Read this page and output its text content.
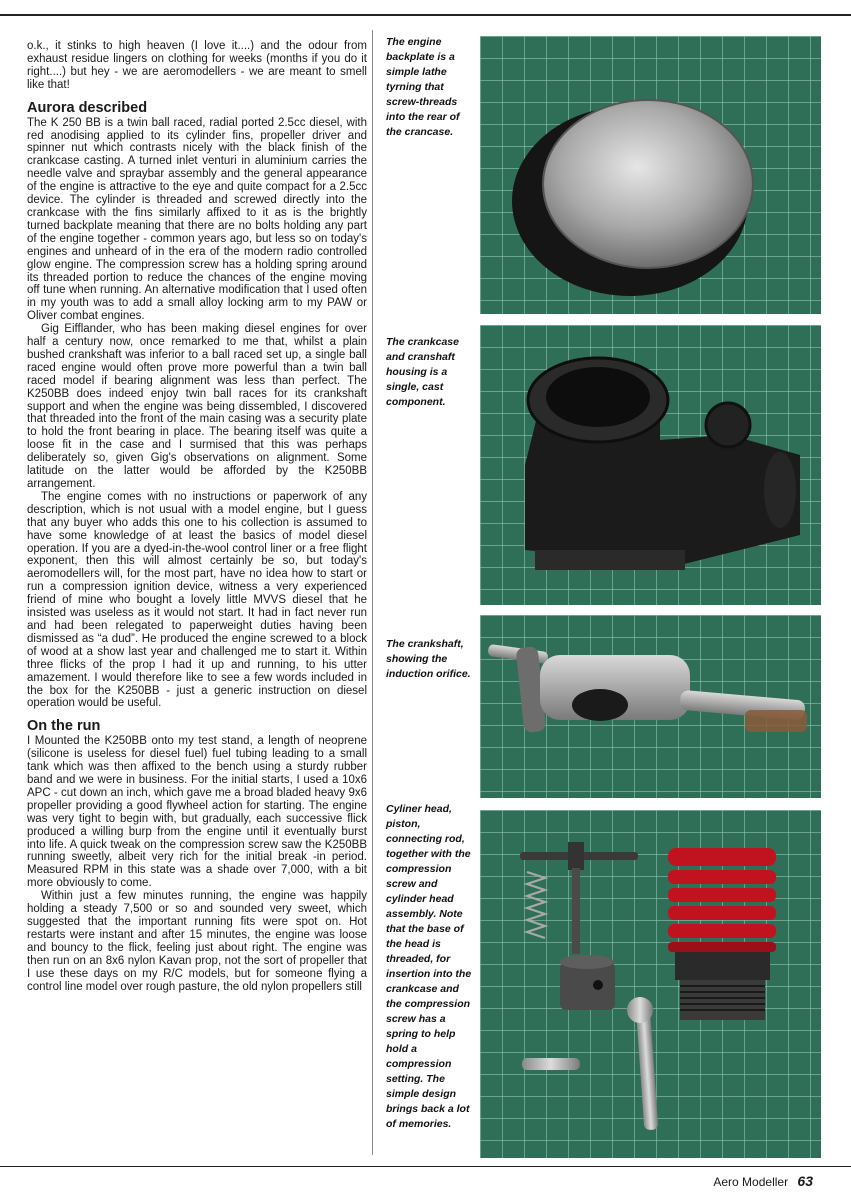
o.k., it stinks to high heaven (I love it....) and the odour from exhaust residue lingers on clothing for weeks (months if you do it right....) but hey - we are aeromodellers - we are meant to smell like that!

Aurora described

The K 250 BB is a twin ball raced, radial ported 2.5cc diesel, with red anodising applied to its cylinder fins, propeller driver and spinner nut which contrasts nicely with the black finish of the crankcase casting. A turned inlet venturi in aluminium carries the needle valve and spraybar assembly and the general appearance of the engine is attractive to the eye and quite compact for a 2.5cc device. The cylinder is threaded and screwed directly into the crankcase with the fins similarly affixed to it as is the brightly turned backplate meaning that there are no bolts holding any part of the engine together - common years ago, but less so on today's engines and unheard of in the era of the modern radio controlled glow engine. The compression screw has a holding spring around its threaded portion to reduce the chances of the engine moving off tune when running. An alternative modification that I used often in my youth was to add a small alloy locking arm to my PAW or Oliver combat engines.

Gig Eifflander, who has been making diesel engines for over half a century now, once remarked to me that, whilst a plain bushed crankshaft was inferior to a ball raced set up, a single ball raced engine would often prove more powerful than a twin ball raced model if bearing alignment was less than perfect. The K250BB does indeed enjoy twin ball races for its crankshaft support and when the engine was being dissembled, I discovered that threaded into the front of the main casing was a security plate to hold the front bearing in place. The bearing itself was quite a loose fit in the case and I surmised that this was perhaps deliberately so, given Gig's observations on alignment. Some latitude on the latter would be afforded by the K250BB arrangement.

The engine comes with no instructions or paperwork of any description, which is not usual with a model engine, but I guess that any buyer who adds this one to his collection is assumed to have some knowledge of at least the basics of model diesel operation. If you are a dyed-in-the-wool control liner or a free flight exponent, then this will almost certainly be so, but today's aeromodellers will, for the most part, have no idea how to start or run a compression ignition device, witness a very experienced friend of mine who bought a lovely little MVVS diesel that he insisted was useless as it would not start. It had in fact never run and had been relegated to paperweight duties having been dismissed as “a dud”. He produced the engine screwed to a block of wood at a show last year and challenged me to start it. Within three flicks of the prop I had it up and running, to his utter amazement. I would therefore like to see a few words included in the box for the K250BB - just a generic instruction on diesel operation would be useful.

On the run

I Mounted the K250BB onto my test stand, a length of neoprene (silicone is useless for diesel fuel) fuel tubing leading to a small tank which was then affixed to the bench using a sturdy rubber band and we were in business. For the initial starts, I used a 10x6 APC - cut down an inch, which gave me a broad bladed heavy 9x6 propeller providing a good flywheel action for starting. The engine was very tight to begin with, but gradually, each successive flick produced a willing burp from the engine until it eventually burst into life. A quick tweak on the compression screw saw the K250BB running sweetly, albeit very rich for the initial break -in period. Measured RPM in this state was a shade over 7,000, with a bit more obviously to come.

Within just a few minutes running, the engine was happily holding a steady 7,500 or so and sounded very sweet, which suggested that the important running fits were spot on. Hot restarts were instant and after 15 minutes, the engine was loose and bouncy to the flick, feeling just about right. The engine was then run on an 8x6 nylon Kavan prop, not the sort of propeller that I use these days on my R/C models, but for someone flying a control line model over rough pasture, the old nylon propellers still

The engine backplate is a simple lathe tyrning that screw-threads into the rear of the crancase.
The crankcase and cranshaft housing is a single, cast component.
The crankshaft, showing the induction orifice.
Cyliner head, piston, connecting rod, together with the compression screw and cylinder head assembly. Note that the base of the head is threaded, for insertion into the crankcase and the compression screw has a spring to help hold a compression setting. The simple design brings back a lot of memories.
Aero Modeller 63
